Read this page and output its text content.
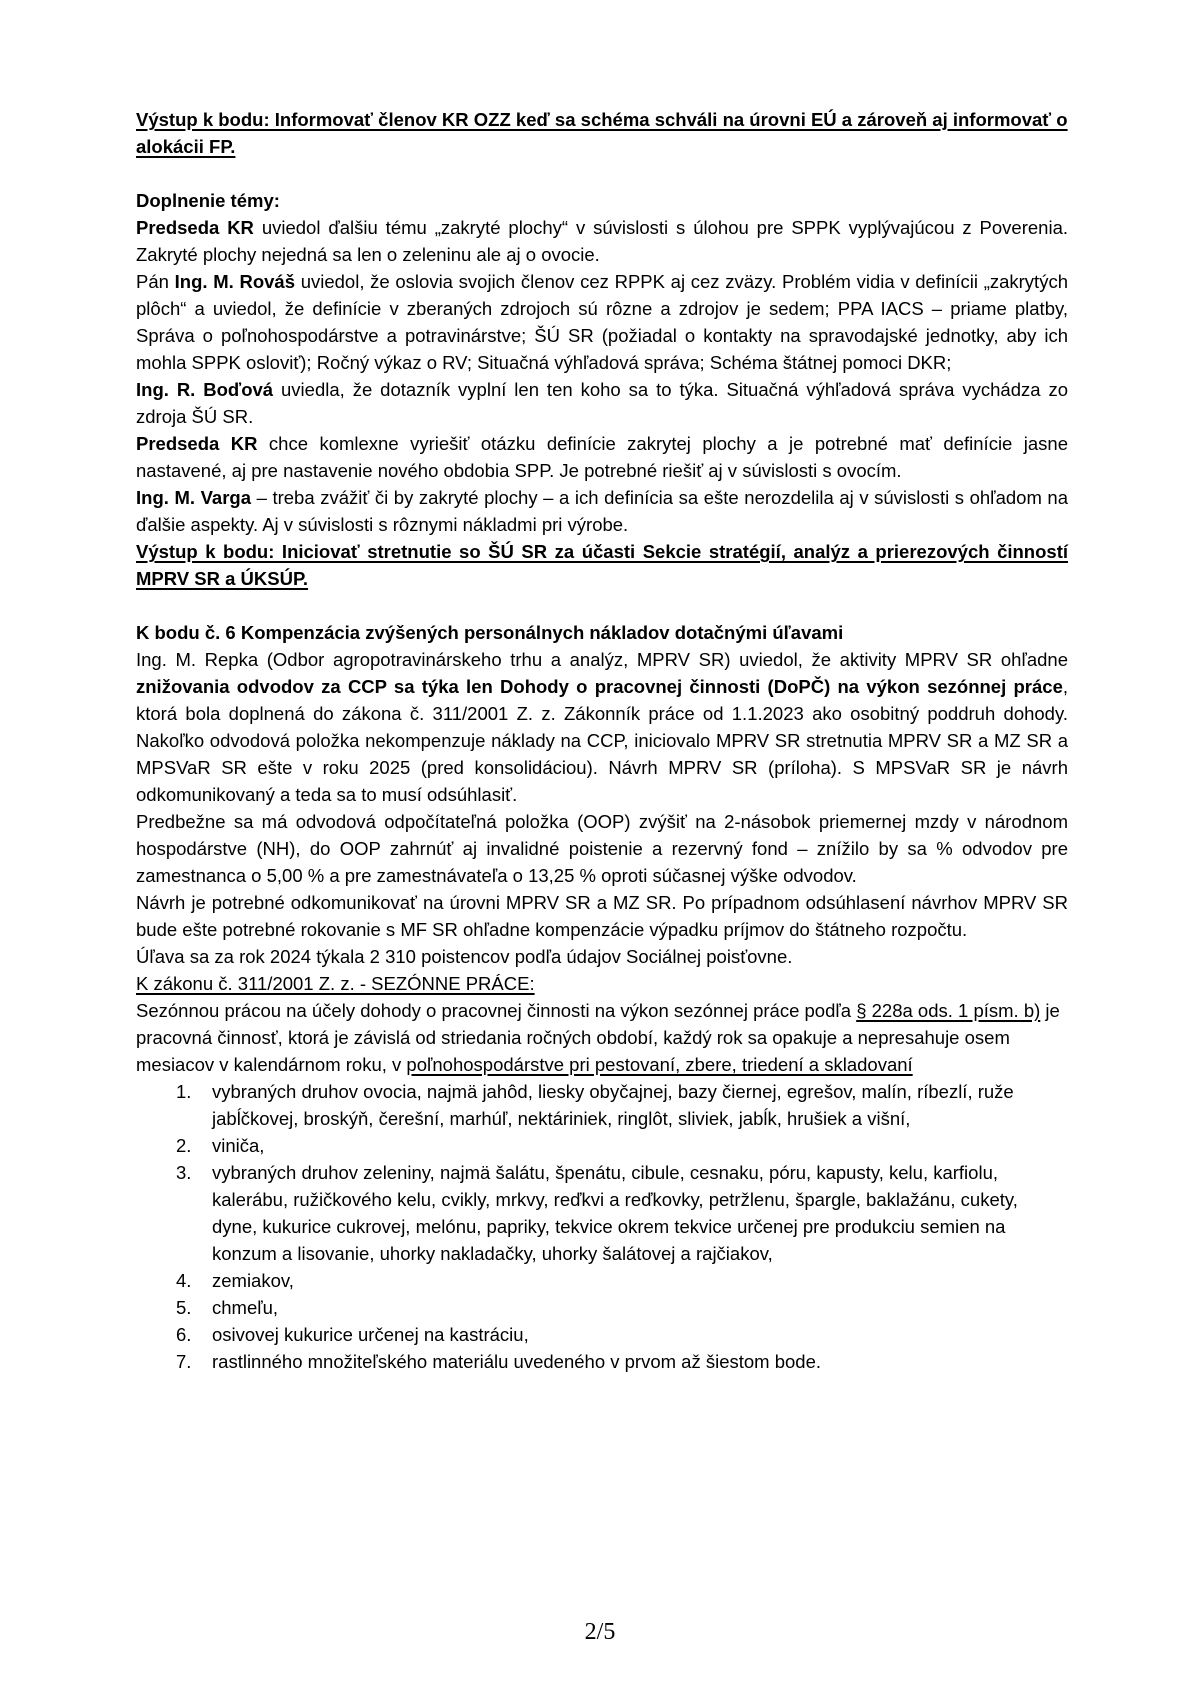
Výstup k bodu: Informovať členov KR OZZ keď sa schéma schváli na úrovni EÚ a zároveň aj informovať o alokácii FP.

Doplnenie témy:

Predseda KR uviedol ďalšiu tému „zakryté plochy“ v súvislosti s úlohou pre SPPK vyplývajúcou z Poverenia. Zakryté plochy nejedná sa len o zeleninu ale aj o ovocie.

Pán Ing. M. Rováš uviedol, že oslovia svojich členov cez RPPK aj cez zväzy. Problém vidia v definícii „zakrytých plôch“ a uviedol, že definície v zberaných zdrojoch sú rôzne a zdrojov je sedem; PPA IACS – priame platby, Správa o poľnohospodárstve a potravinárstve; ŠÚ SR (požiadal o kontakty na spravodajské jednotky, aby ich mohla SPPK osloviť); Ročný výkaz o RV; Situačná výhľadová správa; Schéma štátnej pomoci DKR;

Ing. R. Boďová uviedla, že dotazník vyplní len ten koho sa to týka. Situačná výhľadová správa vychádza zo zdroja ŠÚ SR.

Predseda KR chce komlexne vyriešiť otázku definície zakrytej plochy a je potrebné mať definície jasne nastavené, aj pre nastavenie nového obdobia SPP. Je potrebné riešiť aj v súvislosti s ovocím.

Ing. M. Varga – treba zvážiť či by zakryté plochy – a ich definícia sa ešte nerozdelila aj v súvislosti s ohľadom na ďalšie aspekty. Aj v súvislosti s rôznymi nákladmi pri výrobe.

Výstup k bodu: Iniciovať stretnutie so ŠÚ SR za účasti Sekcie stratégií, analýz a prierezových činností MPRV SR a ÚKSÚP.

K bodu č. 6 Kompenzácia zvýšených personálnych nákladov dotačnými úľavami

Ing. M. Repka (Odbor agropotravinárskeho trhu a analýz, MPRV SR) uviedol, že aktivity MPRV SR ohľadne znižovania odvodov za CCP sa týka len Dohody o pracovnej činnosti (DoPČ) na výkon sezónnej práce, ktorá bola doplnená do zákona č. 311/2001 Z. z. Zákonník práce od 1.1.2023 ako osobitný poddruh dohody. Nakoľko odvodová položka nekompenzuje náklady na CCP, iniciovalo MPRV SR stretnutia MPRV SR a MZ SR a MPSVaR SR ešte v roku 2025 (pred konsolidáciou). Návrh MPRV SR (príloha). S MPSVaR SR je návrh odkomunikovaný a teda sa to musí odsúhlasiť.

Predbežne sa má odvodová odpočítateľná položka (OOP) zvýšiť na 2-násobok priemernej mzdy v národnom hospodárstve (NH), do OOP zahrnúť aj invalidné poistenie a rezervný fond – znížilo by sa % odvodov pre zamestnanca o 5,00 % a pre zamestnávateľa o 13,25 % oproti súčasnej výške odvodov.

Návrh je potrebné odkomunikovať na úrovni MPRV SR a MZ SR. Po prípadnom odsúhlasení návrhov MPRV SR bude ešte potrebné rokovanie s MF SR ohľadne kompenzácie výpadku príjmov do štátneho rozpočtu.

Úľava sa za rok 2024 týkala 2 310 poistencov podľa údajov Sociálnej poisťovne.

K zákonu č. 311/2001 Z. z. - SEZÓNNE PRÁCE:

Sezónnou prácou na účely dohody o pracovnej činnosti na výkon sezónnej práce podľa § 228a ods. 1 písm. b) je pracovná činnosť, ktorá je závislá od striedania ročných období, každý rok sa opakuje a nepresahuje osem mesiacov v kalendárnom roku, v poľnohospodárstve pri pestovaní, zbere, triedení a skladovaní

1.	vybraných druhov ovocia, najmä jahôd, liesky obyčajnej, bazy čiernej, egrešov, malín, ríbezlí, ruže jabĺčkovej, broskýň, čerešní, marhúľ, nektáriniek, ringlôt, sliviek, jabĺk, hrušiek a višní,
2.	viniča,
3.	vybraných druhov zeleniny, najmä šalátu, špenátu, cibule, cesnaku, póru, kapusty, kelu, karfiolu, kalerábu, ružičkového kelu, cvikly, mrkvy, reďkvi a reďkovky, petržlenu, špargle, baklažánu, cukety, dyne, kukurice cukrovej, melónu, papriky, tekvice okrem tekvice určenej pre produkciu semien na konzum a lisovanie, uhorky nakladačky, uhorky šalátovej a rajčiakov,
4.	zemiakov,
5.	chmeľu,
6.	osivovej kukurice určenej na kastráciu,
7.	rastlinného množiteľského materiálu uvedeného v prvom až šiestom bode.
2/5
